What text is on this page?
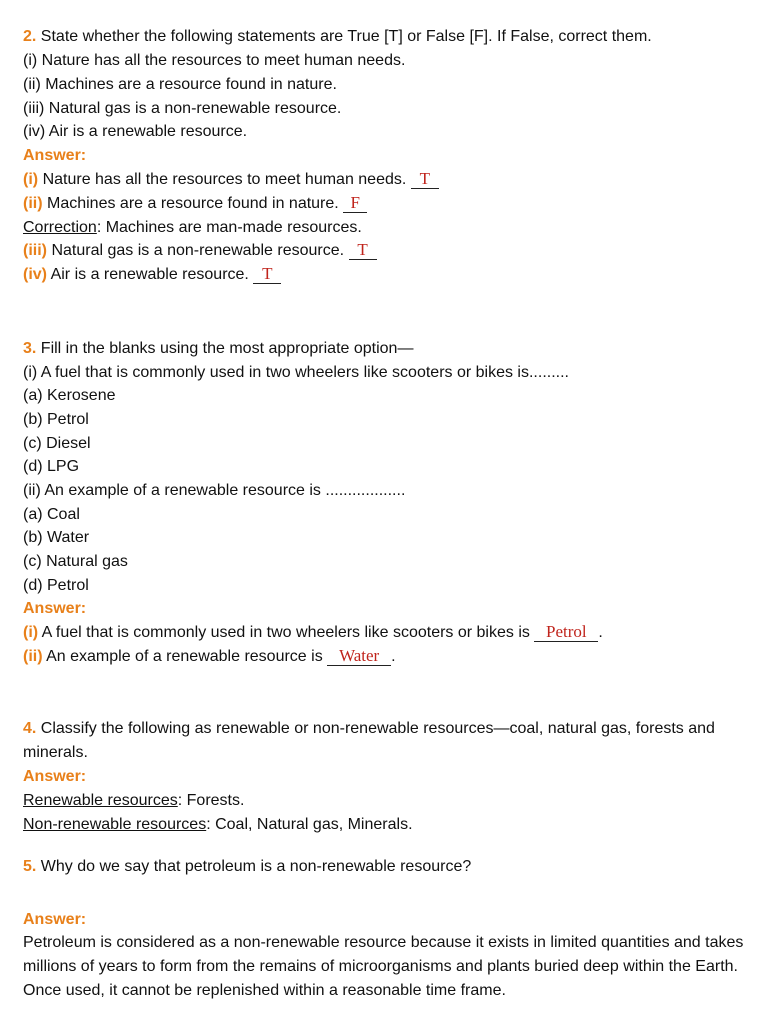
2. State whether the following statements are True [T] or False [F]. If False, correct them.
(i) Nature has all the resources to meet human needs.
(ii) Machines are a resource found in nature.
(iii) Natural gas is a non-renewable resource.
(iv) Air is a renewable resource.
Answer:
(i) Nature has all the resources to meet human needs. T
(ii) Machines are a resource found in nature. F
Correction: Machines are man-made resources.
(iii) Natural gas is a non-renewable resource. T
(iv) Air is a renewable resource. T
3. Fill in the blanks using the most appropriate option—
(i) A fuel that is commonly used in two wheelers like scooters or bikes is.........
(a) Kerosene
(b) Petrol
(c) Diesel
(d) LPG
(ii) An example of a renewable resource is ..................
(a) Coal
(b) Water
(c) Natural gas
(d) Petrol
Answer:
(i) A fuel that is commonly used in two wheelers like scooters or bikes is Petrol .
(ii) An example of a renewable resource is Water .
4. Classify the following as renewable or non-renewable resources—coal, natural gas, forests and minerals.
Answer:
Renewable resources: Forests.
Non-renewable resources: Coal, Natural gas, Minerals.
5. Why do we say that petroleum is a non-renewable resource?
Answer:
Petroleum is considered as a non-renewable resource because it exists in limited quantities and takes millions of years to form from the remains of microorganisms and plants buried deep within the Earth. Once used, it cannot be replenished within a reasonable time frame.
